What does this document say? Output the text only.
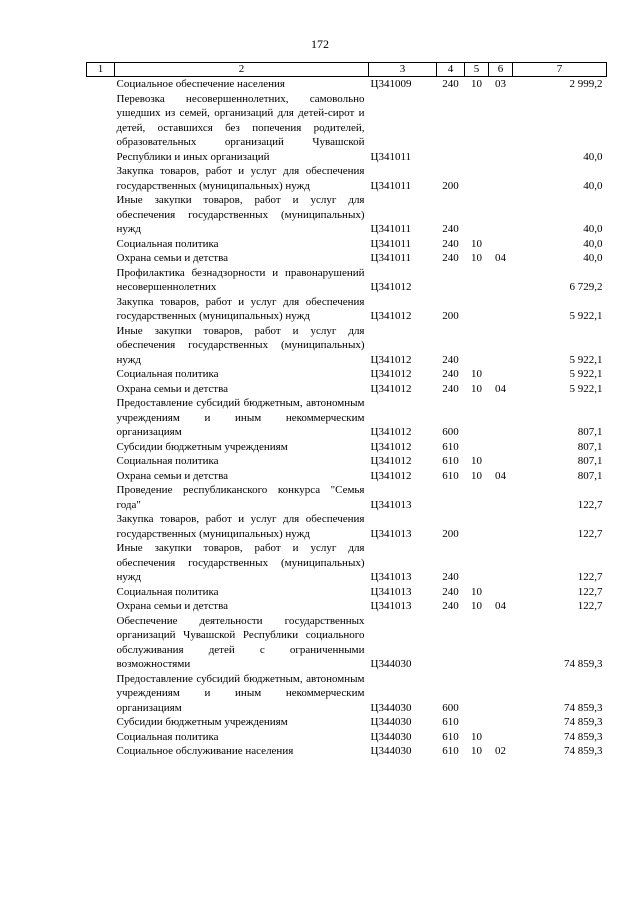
172
1	2	3	4	5	6	7
	Социальное обеспечение населения	Ц341009	240	10	03	2 999,2
	Перевозка несовершеннолетних, самовольно ушедших из семей, организаций для детей-сирот и детей, оставшихся без попечения родителей, образовательных организаций Чувашской Республики и иных организаций	Ц341011				40,0
	Закупка товаров, работ и услуг для обеспечения государственных (муниципальных) нужд	Ц341011	200			40,0
	Иные закупки товаров, работ и услуг для обеспечения государственных (муниципальных) нужд	Ц341011	240			40,0
	Социальная политика	Ц341011	240	10		40,0
	Охрана семьи и детства	Ц341011	240	10	04	40,0
	Профилактика безнадзорности и правонарушений несовершеннолетних	Ц341012				6 729,2
	Закупка товаров, работ и услуг для обеспечения государственных (муниципальных) нужд	Ц341012	200			5 922,1
	Иные закупки товаров, работ и услуг для обеспечения государственных (муниципальных) нужд	Ц341012	240			5 922,1
	Социальная политика	Ц341012	240	10		5 922,1
	Охрана семьи и детства	Ц341012	240	10	04	5 922,1
	Предоставление субсидий бюджетным, автономным учреждениям и иным некоммерческим организациям	Ц341012	600			807,1
	Субсидии бюджетным учреждениям	Ц341012	610			807,1
	Социальная политика	Ц341012	610	10		807,1
	Охрана семьи и детства	Ц341012	610	10	04	807,1
	Проведение республиканского конкурса "Семья года"	Ц341013				122,7
	Закупка товаров, работ и услуг для обеспечения государственных (муниципальных) нужд	Ц341013	200			122,7
	Иные закупки товаров, работ и услуг для обеспечения государственных (муниципальных) нужд	Ц341013	240			122,7
	Социальная политика	Ц341013	240	10		122,7
	Охрана семьи и детства	Ц341013	240	10	04	122,7
	Обеспечение деятельности государственных организаций Чувашской Республики социального обслуживания детей с ограниченными возможностями	Ц344030				74 859,3
	Предоставление субсидий бюджетным, автономным учреждениям и иным некоммерческим организациям	Ц344030	600			74 859,3
	Субсидии бюджетным учреждениям	Ц344030	610			74 859,3
	Социальная политика	Ц344030	610	10		74 859,3
	Социальное обслуживание населения	Ц344030	610	10	02	74 859,3
